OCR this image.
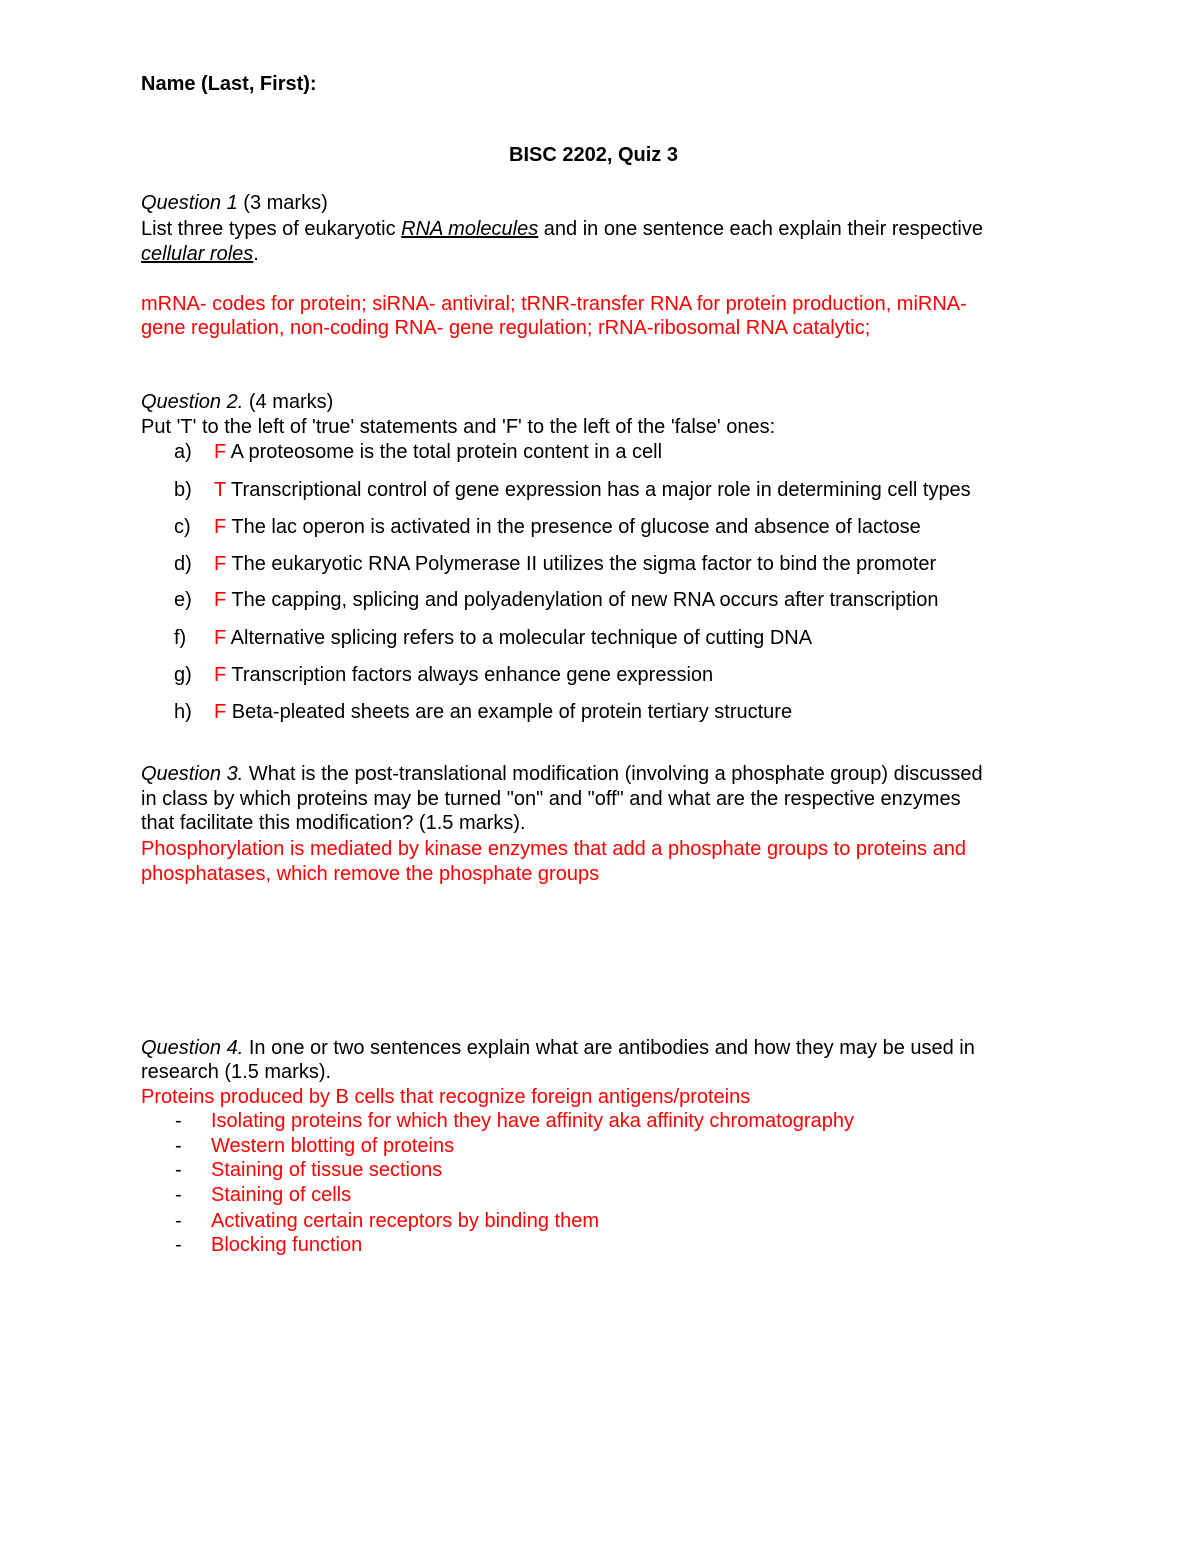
Name (Last, First):
BISC 2202, Quiz 3
Question 1 (3 marks)
List three types of eukaryotic RNA molecules and in one sentence each explain their respective
cellular roles.
mRNA- codes for protein; siRNA- antiviral; tRNR-transfer RNA for protein production, miRNA-
gene regulation, non-coding RNA- gene regulation; rRNA-ribosomal RNA catalytic;
Question 2. (4 marks)
Put 'T' to the left of 'true' statements and 'F' to the left of the 'false' ones:
a) F A proteosome is the total protein content in a cell
b) T Transcriptional control of gene expression has a major role in determining cell types
c) F The lac operon is activated in the presence of glucose and absence of lactose
d) F The eukaryotic RNA Polymerase II utilizes the sigma factor to bind the promoter
e) F The capping, splicing and polyadenylation of new RNA occurs after transcription
f) F Alternative splicing refers to a molecular technique of cutting DNA
g) F Transcription factors always enhance gene expression
h) F Beta-pleated sheets are an example of protein tertiary structure
Question 3. What is the post-translational modification (involving a phosphate group) discussed
in class by which proteins may be turned "on" and "off" and what are the respective enzymes
that facilitate this modification? (1.5 marks).
Phosphorylation is mediated by kinase enzymes that add a phosphate groups to proteins and
phosphatases, which remove the phosphate groups
Question 4. In one or two sentences explain what are antibodies and how they may be used in
research (1.5 marks).
Proteins produced by B cells that recognize foreign antigens/proteins
- Isolating proteins for which they have affinity aka affinity chromatography
- Western blotting of proteins
- Staining of tissue sections
- Staining of cells
- Activating certain receptors by binding them
- Blocking function
